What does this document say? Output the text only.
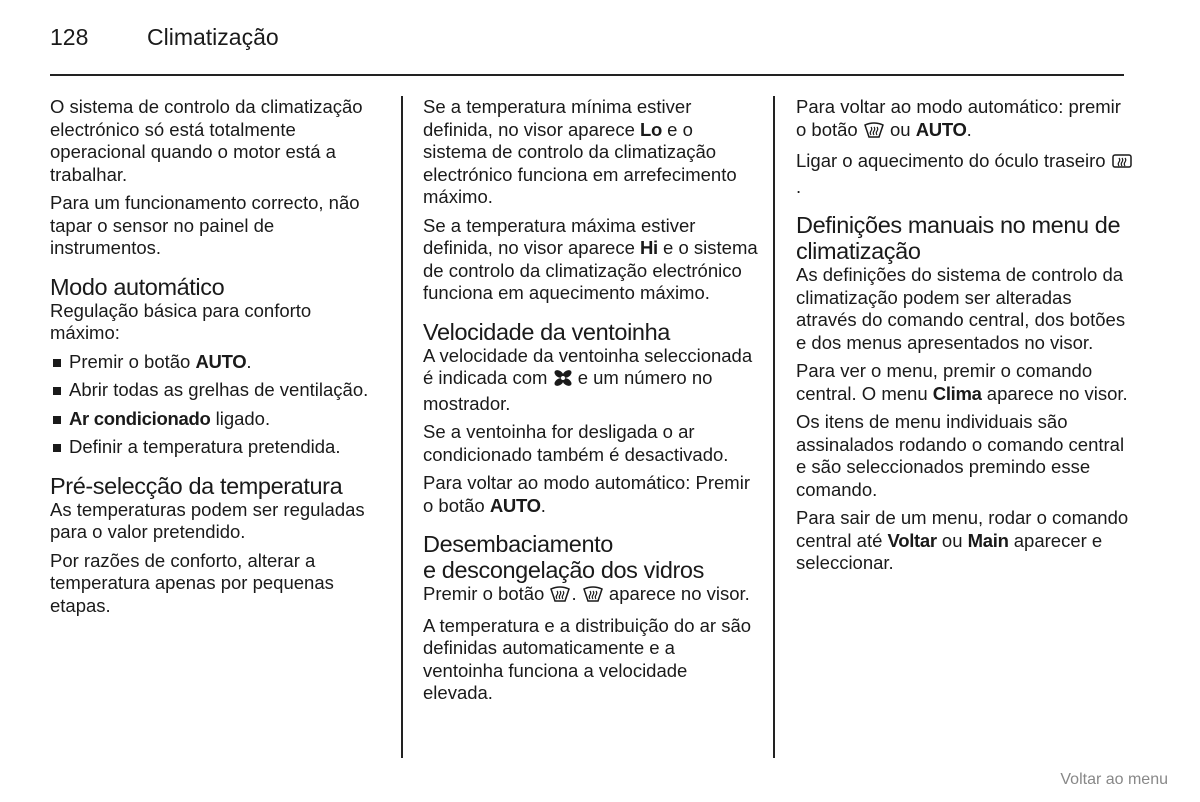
128	Climatização

O sistema de controlo da climatização electrónico só está totalmente operacional quando o motor está a trabalhar.

Para um funcionamento correcto, não tapar o sensor no painel de instrumentos.

Modo automático

Regulação básica para conforto máximo:

Premir o botão AUTO.
Abrir todas as grelhas de ventilação.
Ar condicionado ligado.
Definir a temperatura pretendida.
Pré-selecção da temperatura

As temperaturas podem ser reguladas para o valor pretendido.

Por razões de conforto, alterar a temperatura apenas por pequenas etapas.

Se a temperatura mínima estiver definida, no visor aparece Lo e o sistema de controlo da climatização electrónico funciona em arrefecimento máximo.

Se a temperatura máxima estiver definida, no visor aparece Hi e o sistema de controlo da climatização electrónico funciona em aquecimento máximo.

Velocidade da ventoinha

A velocidade da ventoinha seleccionada é indicada com  e um número no mostrador.

Se a ventoinha for desligada o ar condicionado também é desactivado.

Para voltar ao modo automático: Premir o botão AUTO.

Desembaciamento
e descongelação dos vidros

Premir o botão .  aparece no visor.

A temperatura e a distribuição do ar são definidas automaticamente e a ventoinha funciona a velocidade elevada.

Para voltar ao modo automático: premir o botão  ou AUTO.

Ligar o aquecimento do óculo traseiro .

Definições manuais no menu de climatização

As definições do sistema de controlo da climatização podem ser alteradas através do comando central, dos botões e dos menus apresentados no visor.

Para ver o menu, premir o comando central. O menu Clima aparece no visor.

Os itens de menu individuais são assinalados rodando o comando central e são seleccionados premindo esse comando.

Para sair de um menu, rodar o comando central até Voltar ou Main aparecer e seleccionar.

Voltar ao menu
